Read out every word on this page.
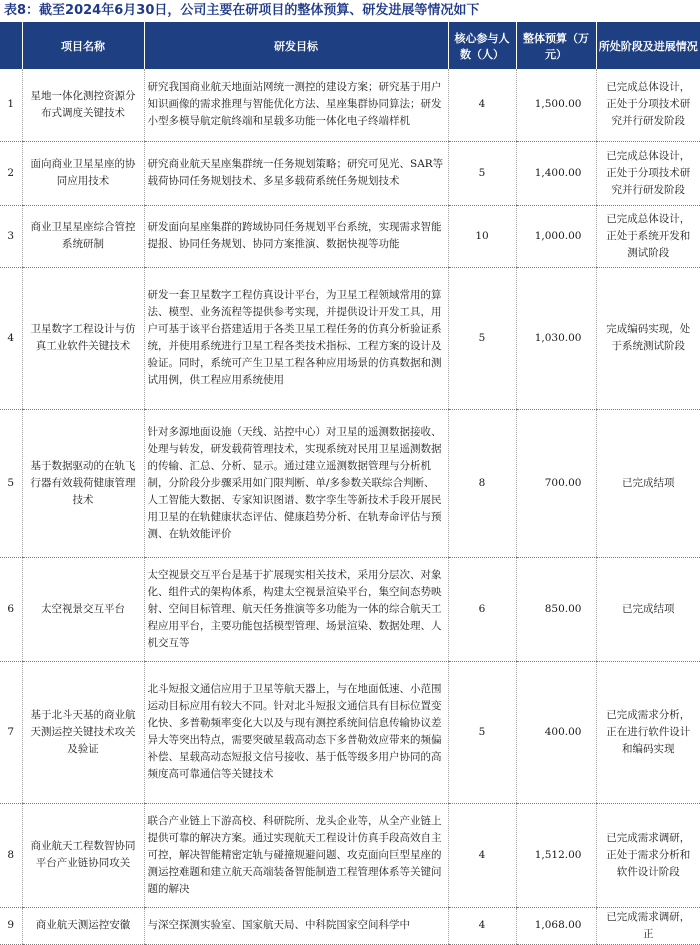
表8：截至2024年6月30日，公司主要在研项目的整体预算、研发进展等情况如下
	项目名称	研发目标	核心参与人数（人）	整体预算（万元）	所处阶段及进展情况
1	星地一体化测控资源分布式调度关键技术	研究我国商业航天地面站网统一测控的建设方案；研究基于用户知识画像的需求推理与智能优化方法、星座集群协同算法；研发小型多模导航定航终端和星载多功能一体化电子终端样机	4	1,500.00	已完成总体设计，正处于分项技术研究并行研发阶段
2	面向商业卫星星座的协同应用技术	研究商业航天星座集群统一任务规划策略；研究可见光、SAR等载荷协同任务规划技术、多星多载荷系统任务规划技术	5	1,400.00	已完成总体设计，正处于分项技术研究并行研发阶段
3	商业卫星星座综合管控系统研制	研发面向星座集群的跨域协同任务规划平台系统，实现需求智能提报、协同任务规划、协同方案推演、数据快视等功能	10	1,000.00	已完成总体设计，正处于系统开发和测试阶段
4	卫星数字工程设计与仿真工业软件关键技术	研发一套卫星数字工程仿真设计平台，为卫星工程领域常用的算法、模型、业务流程等提供参考实现，并提供设计开发工具，用户可基于该平台搭建适用于各类卫星工程任务的仿真分析验证系统，并使用系统进行卫星工程各类技术指标、工程方案的设计及验证。同时，系统可产生卫星工程各种应用场景的仿真数据和测试用例，供工程应用系统使用	5	1,030.00	完成编码实现，处于系统测试阶段
5	基于数据驱动的在轨飞行器有效载荷健康管理技术	针对多源地面设施（天线、站控中心）对卫星的遥测数据接收、处理与转发，研发载荷管理技术，实现系统对民用卫星遥测数据的传输、汇总、分析、显示。通过建立遥测数据管理与分析机制，分阶段分步骤采用如门限判断、单/多参数关联综合判断、人工智能大数据、专家知识图谱、数字孪生等新技术手段开展民用卫星的在轨健康状态评估、健康趋势分析、在轨寿命评估与预测、在轨效能评价	8	700.00	已完成结项
6	太空视景交互平台	太空视景交互平台是基于扩展现实相关技术，采用分层次、对象化、组件式的架构体系，构建太空视景渲染平台，集空间态势映射、空间目标管理、航天任务推演等多功能为一体的综合航天工程应用平台，主要功能包括模型管理、场景渲染、数据处理、人机交互等	6	850.00	已完成结项
7	基于北斗天基的商业航天测运控关键技术攻关及验证	北斗短报文通信应用于卫星等航天器上，与在地面低速、小范围运动目标应用有较大不同。针对北斗短报文通信具有目标位置变化快、多普勒频率变化大以及与现有测控系统间信息传输协议差异大等突出特点，需要突破星载高动态下多普勒效应带来的频偏补偿、星载高动态短报文信号接收、基于低等级多用户协同的高频度高可靠通信等关键技术	5	400.00	已完成需求分析，正在进行软件设计和编码实现
8	商业航天工程数智协同平台产业链协同攻关	联合产业链上下游高校、科研院所、龙头企业等，从全产业链上提供可靠的解决方案。通过实现航天工程设计仿真手段高效自主可控，解决智能精密定轨与碰撞规避问题、攻克面向巨型星座的测运控难题和建立航天高端装备智能制造工程管理体系等关键问题的解决	4	1,512.00	已完成需求调研，正处于需求分析和软件设计阶段
9	商业航天测运控安徽	与深空探测实验室、国家航天局、中科院国家空间科学中	4	1,068.00	已完成需求调研，正
